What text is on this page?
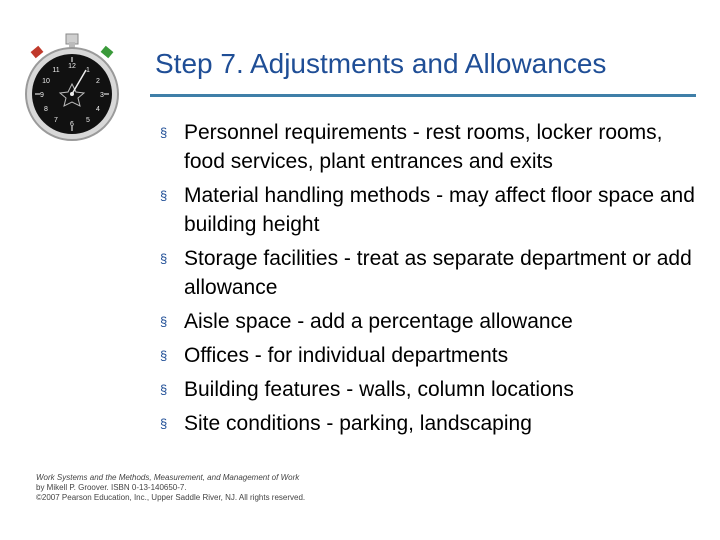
12
1
2
3
4
5
6
7
8
9
10
11	Step 7. Adjustments and Allowances
§ Personnel requirements - rest rooms, locker rooms, food services, plant entrances and exits
§ Material handling methods - may affect floor space and building height
§ Storage facilities - treat as separate department or add allowance
§ Aisle space - add a percentage allowance
§ Offices - for individual departments
§ Building features - walls, column locations
§ Site conditions - parking, landscaping
Work Systems and the Methods, Measurement, and Management of Work
by Mikell P. Groover. ISBN 0-13-140650-7.
©2007 Pearson Education, Inc., Upper Saddle River, NJ. All rights reserved.
